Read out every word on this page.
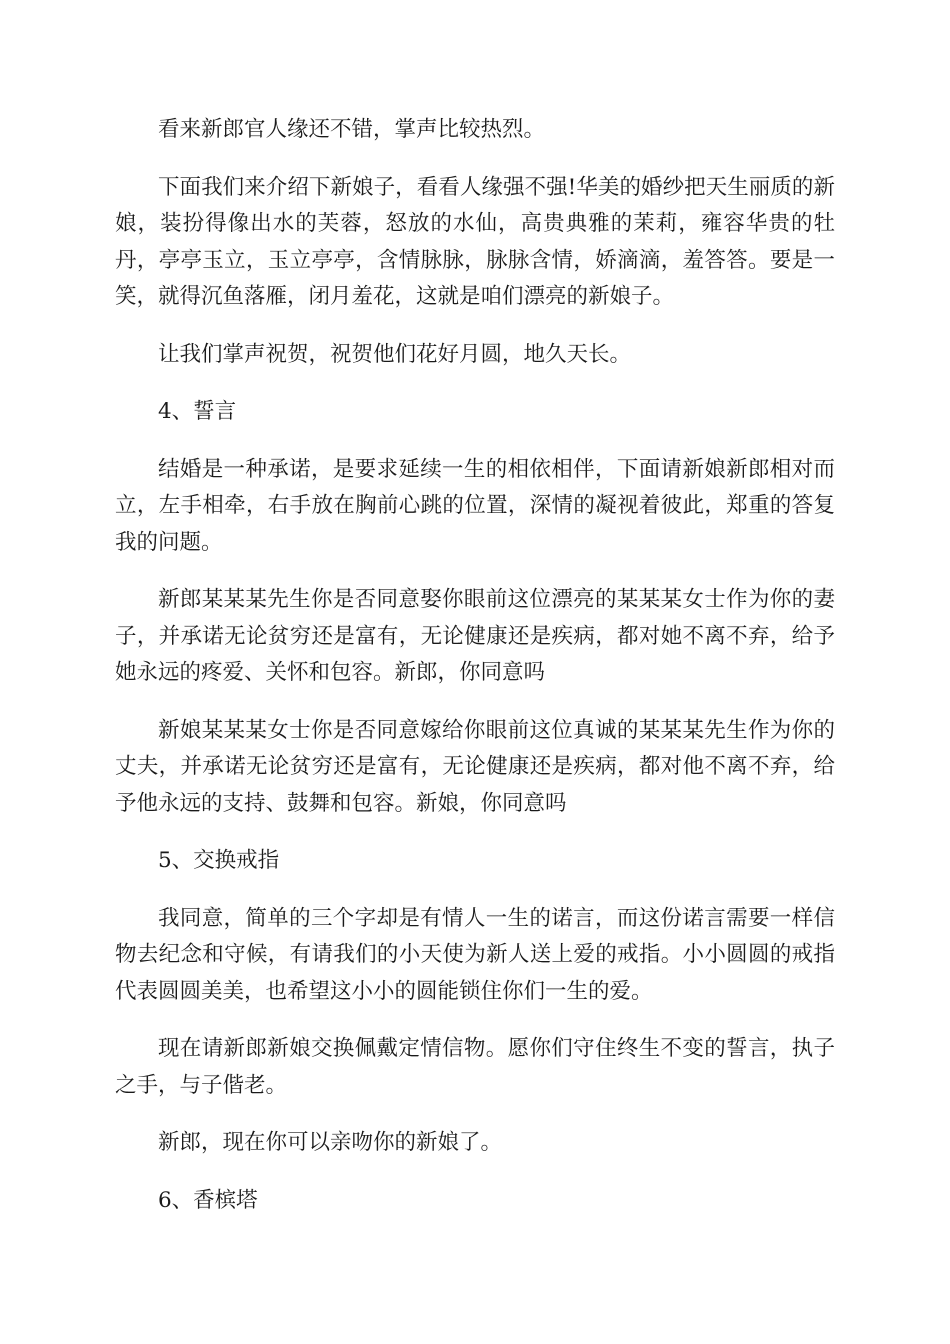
看来新郎官人缘还不错，掌声比较热烈。

下面我们来介绍下新娘子，看看人缘强不强!华美的婚纱把天生丽质的新娘，装扮得像出水的芙蓉，怒放的水仙，高贵典雅的茉莉，雍容华贵的牡丹，亭亭玉立，玉立亭亭，含情脉脉，脉脉含情，娇滴滴，羞答答。要是一笑，就得沉鱼落雁，闭月羞花，这就是咱们漂亮的新娘子。

让我们掌声祝贺，祝贺他们花好月圆，地久天长。

4、誓言

结婚是一种承诺，是要求延续一生的相依相伴，下面请新娘新郎相对而立，左手相牵，右手放在胸前心跳的位置，深情的凝视着彼此，郑重的答复我的问题。

新郎某某某先生你是否同意娶你眼前这位漂亮的某某某女士作为你的妻子，并承诺无论贫穷还是富有，无论健康还是疾病，都对她不离不弃，给予她永远的疼爱、关怀和包容。新郎，你同意吗

新娘某某某女士你是否同意嫁给你眼前这位真诚的某某某先生作为你的丈夫，并承诺无论贫穷还是富有，无论健康还是疾病，都对他不离不弃，给予他永远的支持、鼓舞和包容。新娘，你同意吗

5、交换戒指

我同意，简单的三个字却是有情人一生的诺言，而这份诺言需要一样信物去纪念和守候，有请我们的小天使为新人送上爱的戒指。小小圆圆的戒指代表圆圆美美，也希望这小小的圆能锁住你们一生的爱。

现在请新郎新娘交换佩戴定情信物。愿你们守住终生不变的誓言，执子之手，与子偕老。

新郎，现在你可以亲吻你的新娘了。

6、香槟塔
